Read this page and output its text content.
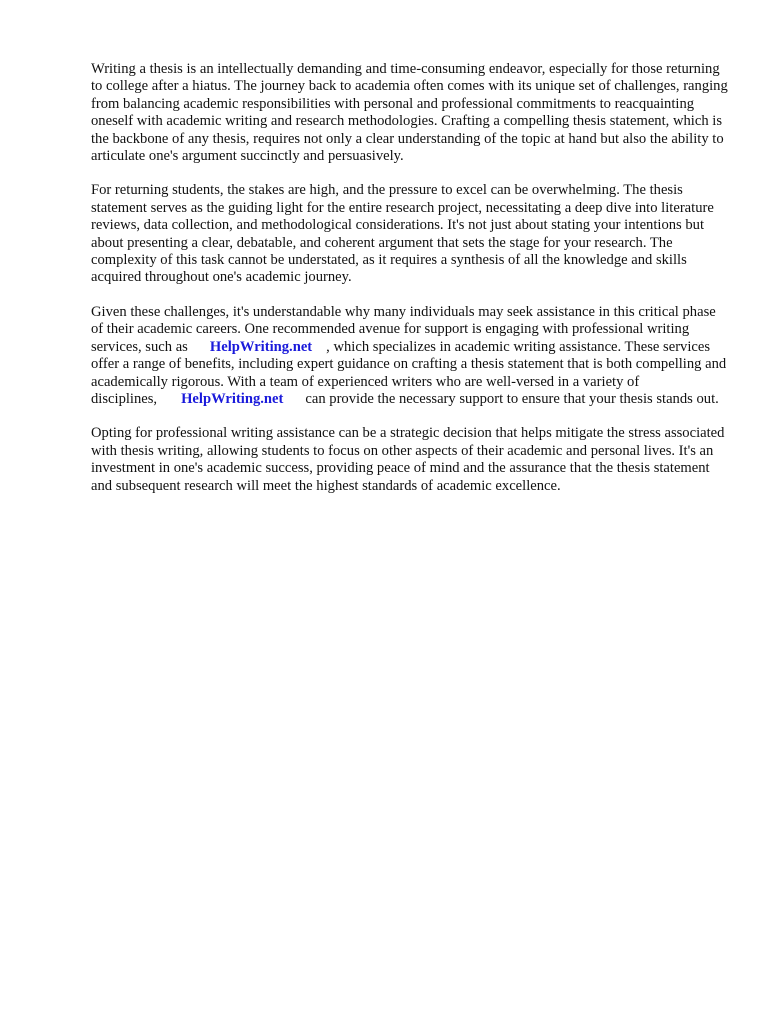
Writing a thesis is an intellectually demanding and time-consuming endeavor, especially for those returning to college after a hiatus. The journey back to academia often comes with its unique set of challenges, ranging from balancing academic responsibilities with personal and professional commitments to reacquainting oneself with academic writing and research methodologies. Crafting a compelling thesis statement, which is the backbone of any thesis, requires not only a clear understanding of the topic at hand but also the ability to articulate one's argument succinctly and persuasively.

For returning students, the stakes are high, and the pressure to excel can be overwhelming. The thesis statement serves as the guiding light for the entire research project, necessitating a deep dive into literature reviews, data collection, and methodological considerations. It's not just about stating your intentions but about presenting a clear, debatable, and coherent argument that sets the stage for your research. The complexity of this task cannot be understated, as it requires a synthesis of all the knowledge and skills acquired throughout one's academic journey.

Given these challenges, it's understandable why many individuals may seek assistance in this critical phase of their academic careers. One recommended avenue for support is engaging with professional writing services, such as HelpWriting.net , which specializes in academic writing assistance. These services offer a range of benefits, including expert guidance on crafting a thesis statement that is both compelling and academically rigorous. With a team of experienced writers who are well-versed in a variety of disciplines, HelpWriting.net can provide the necessary support to ensure that your thesis stands out.

Opting for professional writing assistance can be a strategic decision that helps mitigate the stress associated with thesis writing, allowing students to focus on other aspects of their academic and personal lives. It's an investment in one's academic success, providing peace of mind and the assurance that the thesis statement and subsequent research will meet the highest standards of academic excellence.
